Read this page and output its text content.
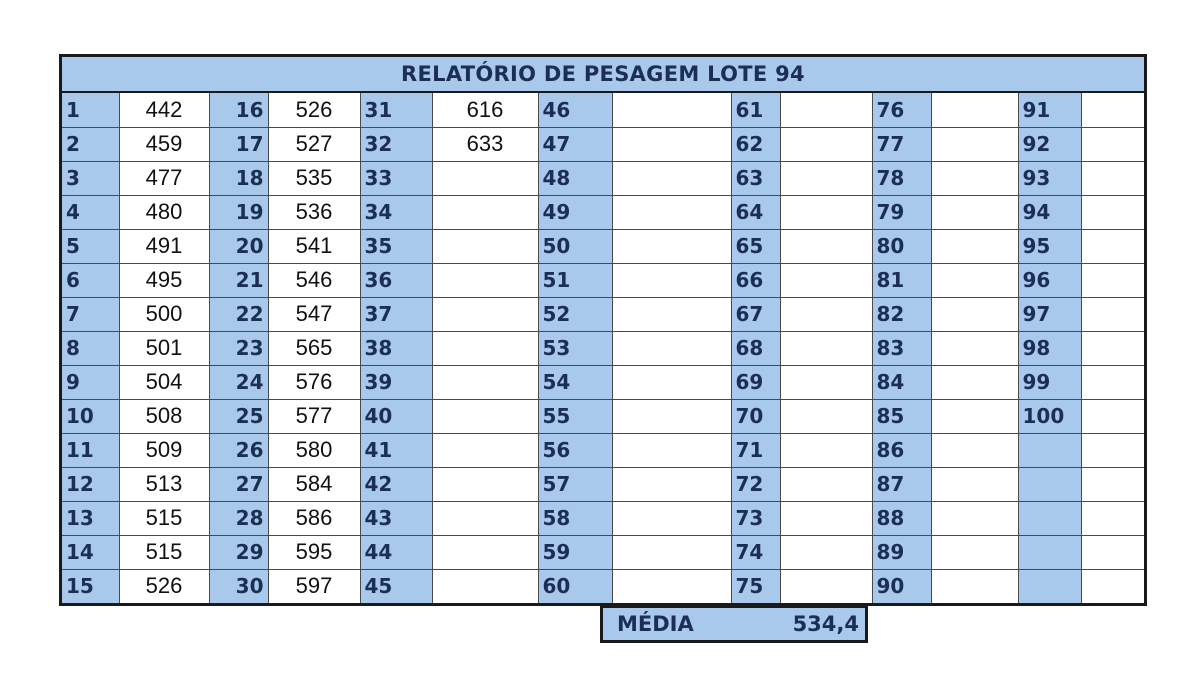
RELATÓRIO DE PESAGEM LOTE 94
1	442	16	526	31	616	46		61		76		91	
2	459	17	527	32	633	47		62		77		92	
3	477	18	535	33		48		63		78		93	
4	480	19	536	34		49		64		79		94	
5	491	20	541	35		50		65		80		95	
6	495	21	546	36		51		66		81		96	
7	500	22	547	37		52		67		82		97	
8	501	23	565	38		53		68		83		98	
9	504	24	576	39		54		69		84		99	
10	508	25	577	40		55		70		85		100	
11	509	26	580	41		56		71		86			
12	513	27	584	42		57		72		87			
13	515	28	586	43		58		73		88			
14	515	29	595	44		59		74		89			
15	526	30	597	45		60		75		90			
MÉDIA	534,4
